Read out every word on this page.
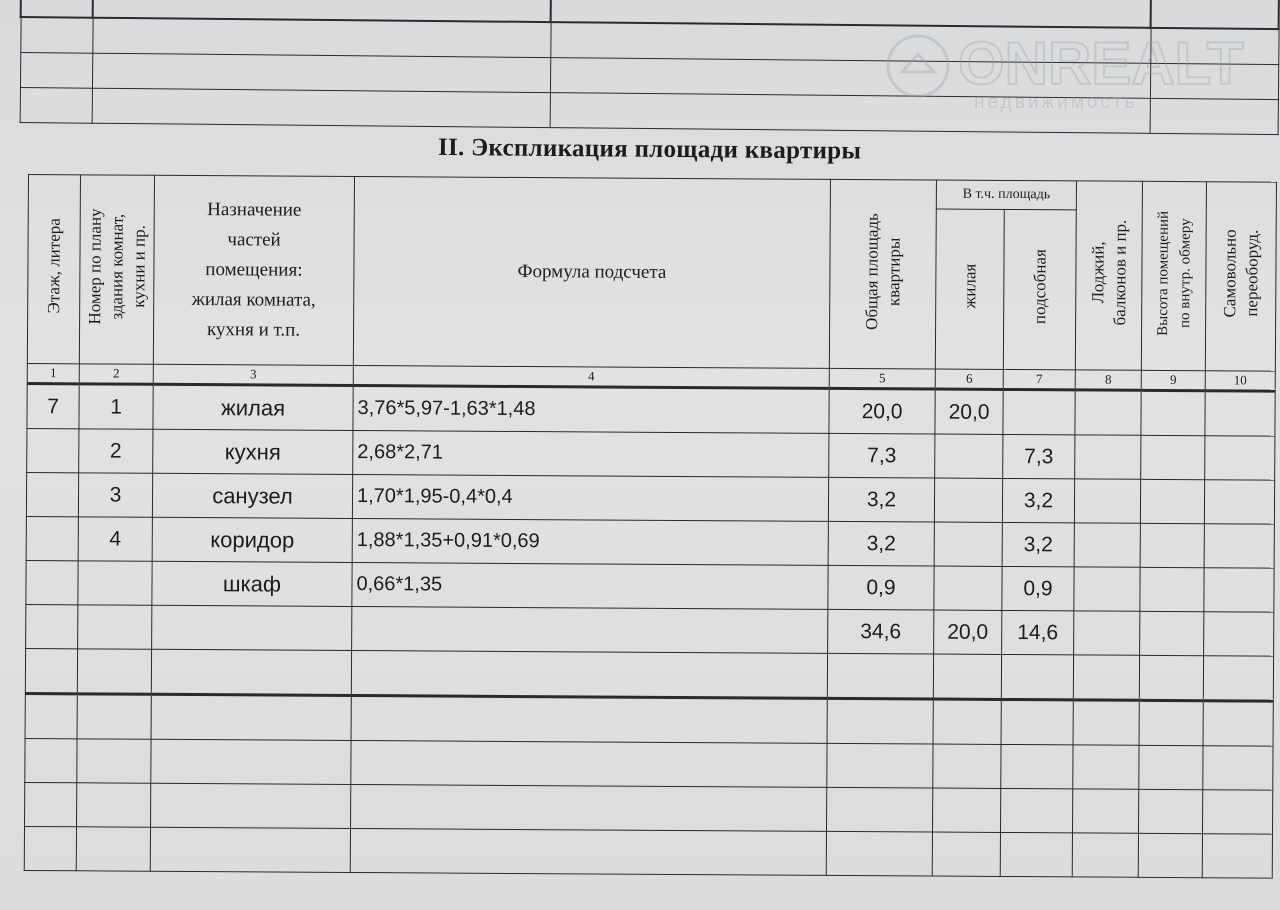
ONREALT
недвижимость
II. Экспликация площади квартиры
Этаж, литера	Номер по плану здания комнат, кухни и пр.	Назначение
частей
помещения:
жилая комната,
кухня и т.п.	Формула подсчета	Общая площадь квартиры	В т.ч. площадь		Лоджий, балконов и пр.	Высота помещений по внутр. обмеру	Самовольно переоборуд.
					жилая	подсобная			
1	2	3	4	5	6	7	8	9	10
7	1	жилая	3,76*5,97-1,63*1,48	20,0	20,0				
	2	кухня	2,68*2,71	7,3		7,3			
	3	санузел	1,70*1,95-0,4*0,4	3,2		3,2			
	4	коридор	1,88*1,35+0,91*0,69	3,2		3,2			
		шкаф	0,66*1,35	0,9		0,9			
				34,6	20,0	14,6			
